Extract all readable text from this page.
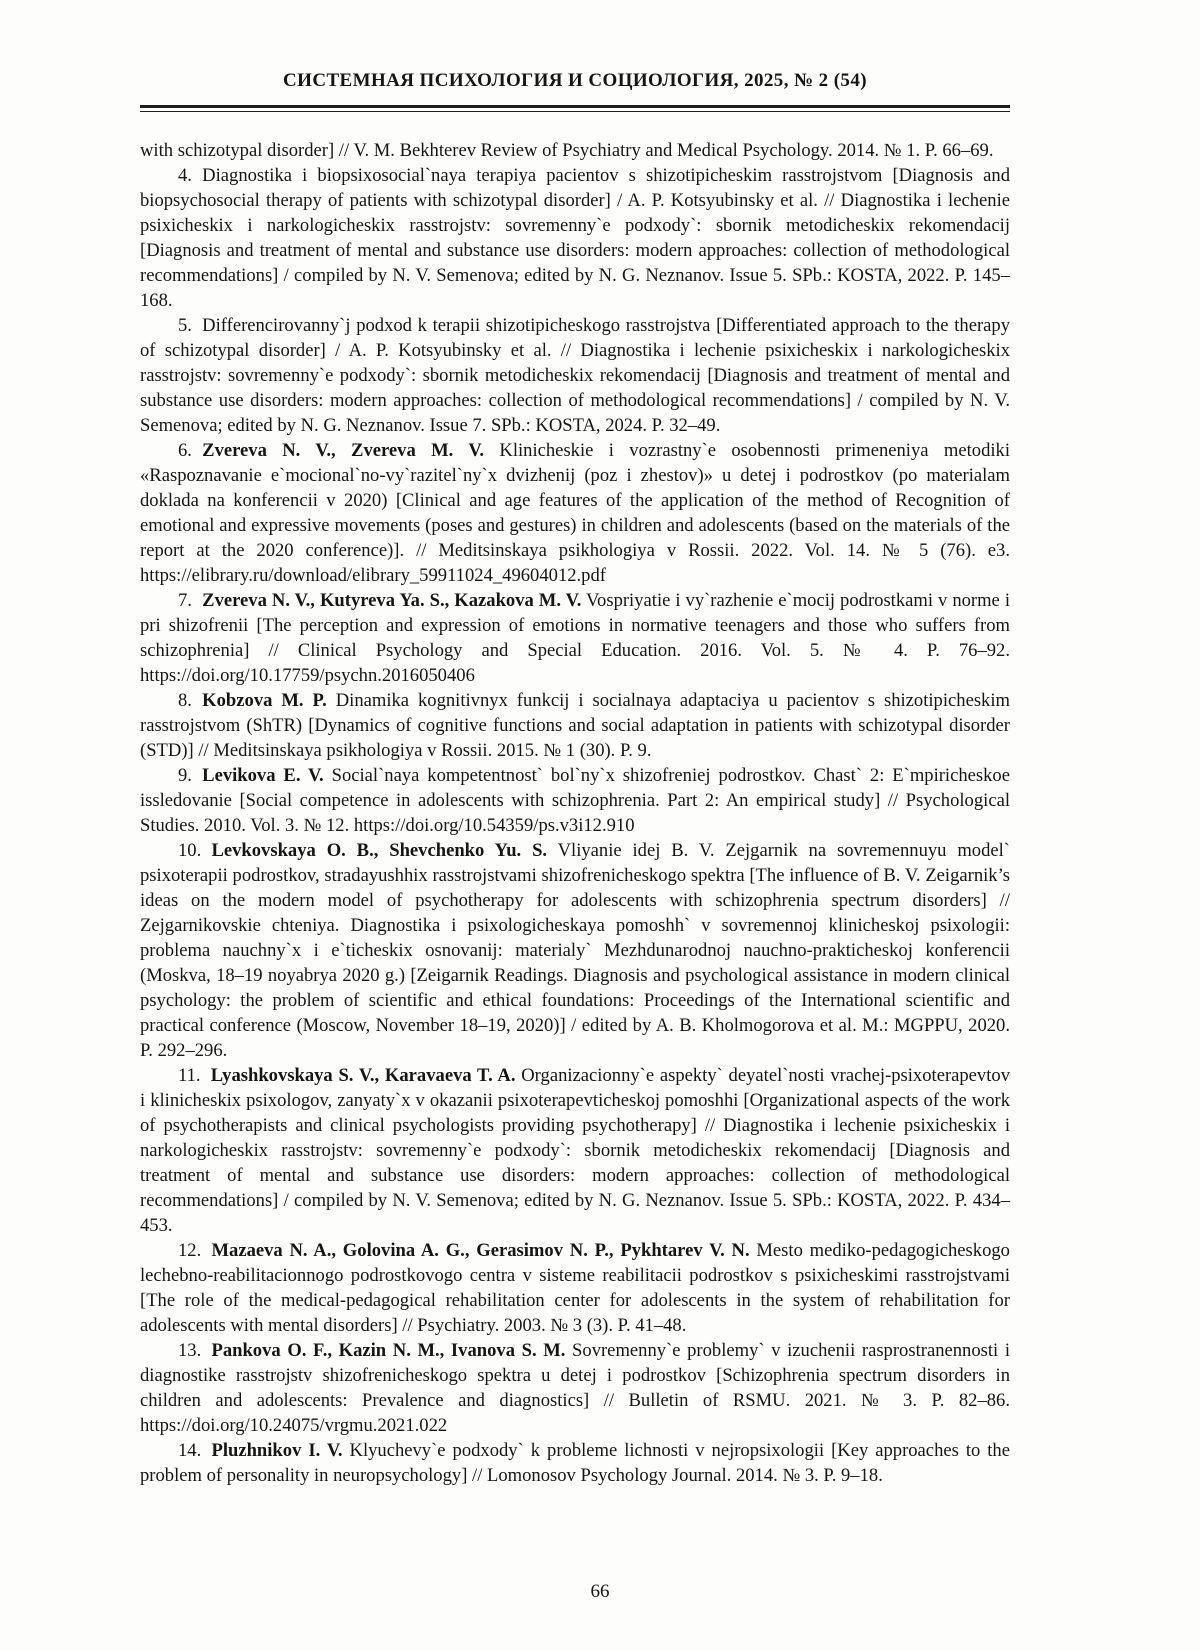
СИСТЕМНАЯ ПСИХОЛОГИЯ И СОЦИОЛОГИЯ, 2025, № 2 (54)

with schizotypal disorder] // V. M. Bekhterev Review of Psychiatry and Medical Psychology. 2014. № 1. P. 66–69.

4. Diagnostika i biopsixosocial`naya terapiya pacientov s shizotipicheskim rasstrojstvom [Diagnosis and biopsychosocial therapy of patients with schizotypal disorder] / A. P. Kotsyubinsky et al. // Diagnostika i lechenie psixicheskix i narkologicheskix rasstrojstv: sovremenny`e podxody`: sbornik metodicheskix rekomendacij [Diagnosis and treatment of mental and substance use disorders: modern approaches: collection of methodological recommendations] / compiled by N. V. Semenova; edited by N. G. Neznanov. Issue 5. SPb.: KOSTA, 2022. P. 145–168.

5. Differencirovanny`j podxod k terapii shizotipicheskogo rasstrojstva [Differentiated approach to the therapy of schizotypal disorder] / A. P. Kotsyubinsky et al. // Diagnostika i lechenie psixicheskix i narkologicheskix rasstrojstv: sovremenny`e podxody`: sbornik metodicheskix rekomendacij [Diagnosis and treatment of mental and substance use disorders: modern approaches: collection of methodological recommendations] / compiled by N. V. Semenova; edited by N. G. Neznanov. Issue 7. SPb.: KOSTA, 2024. P. 32–49.

6. Zvereva N. V., Zvereva M. V. Klinicheskie i vozrastny`e osobennosti primeneniya metodiki «Raspoznavanie e`mocional`no-vy`razitel`ny`x dvizhenij (poz i zhestov)» u detej i podrostkov (po materialam doklada na konferencii v 2020) [Clinical and age features of the application of the method of Recognition of emotional and expressive movements (poses and gestures) in children and adolescents (based on the materials of the report at the 2020 conference)]. // Meditsinskaya psikhologiya v Rossii. 2022. Vol. 14. № 5 (76). e3. https://elibrary.ru/download/elibrary_59911024_49604012.pdf

7. Zvereva N. V., Kutyreva Ya. S., Kazakova M. V. Vospriyatie i vy`razhenie e`mocij podrostkami v norme i pri shizofrenii [The perception and expression of emotions in normative teenagers and those who suffers from schizophrenia] // Clinical Psychology and Special Education. 2016. Vol. 5. № 4. P. 76–92. https://doi.org/10.17759/psychn.2016050406

8. Kobzova M. P. Dinamika kognitivnyx funkcij i socialnaya adaptaciya u pacientov s shizotipicheskim rasstrojstvom (ShTR) [Dynamics of cognitive functions and social adaptation in patients with schizotypal disorder (STD)] // Meditsinskaya psikhologiya v Rossii. 2015. № 1 (30). P. 9.

9. Levikova E. V. Social`naya kompetentnost` bol`ny`x shizofreniej podrostkov. Chast` 2: E`mpiricheskoe issledovanie [Social competence in adolescents with schizophrenia. Part 2: An empirical study] // Psychological Studies. 2010. Vol. 3. № 12. https://doi.org/10.54359/ps.v3i12.910

10. Levkovskaya O. B., Shevchenko Yu. S. Vliyanie idej B. V. Zejgarnik na sovremennuyu model` psixoterapii podrostkov, stradayushhix rasstrojstvami shizofrenicheskogo spektra [The influence of B. V. Zeigarnik’s ideas on the modern model of psychotherapy for adolescents with schizophrenia spectrum disorders] // Zejgarnikovskie chteniya. Diagnostika i psixologicheskaya pomoshh` v sovremennoj klinicheskoj psixologii: problema nauchny`x i e`ticheskix osnovanij: materialy` Mezhdunarodnoj nauchno-prakticheskoj konferencii (Moskva, 18–19 noyabrya 2020 g.) [Zeigarnik Readings. Diagnosis and psychological assistance in modern clinical psychology: the problem of scientific and ethical foundations: Proceedings of the International scientific and practical conference (Moscow, November 18–19, 2020)] / edited by A. B. Kholmogorova et al. M.: MGPPU, 2020. P. 292–296.

11. Lyashkovskaya S. V., Karavaeva T. A. Organizacionny`e aspekty` deyatel`nosti vrachej-psixoterapevtov i klinicheskix psixologov, zanyaty`x v okazanii psixoterapevticheskoj pomoshhi [Organizational aspects of the work of psychotherapists and clinical psychologists providing psychotherapy] // Diagnostika i lechenie psixicheskix i narkologicheskix rasstrojstv: sovremenny`e podxody`: sbornik metodicheskix rekomendacij [Diagnosis and treatment of mental and substance use disorders: modern approaches: collection of methodological recommendations] / compiled by N. V. Semenova; edited by N. G. Neznanov. Issue 5. SPb.: KOSTA, 2022. P. 434–453.

12. Mazaeva N. A., Golovina A. G., Gerasimov N. P., Pykhtarev V. N. Mesto mediko-pedagogicheskogo lechebno-reabilitacionnogo podrostkovogo centra v sisteme reabilitacii podrostkov s psixicheskimi rasstrojstvami [The role of the medical-pedagogical rehabilitation center for adolescents in the system of rehabilitation for adolescents with mental disorders] // Psychiatry. 2003. № 3 (3). P. 41–48.

13. Pankova O. F., Kazin N. M., Ivanova S. M. Sovremenny`e problemy` v izuchenii rasprostranennosti i diagnostike rasstrojstv shizofrenicheskogo spektra u detej i podrostkov [Schizophrenia spectrum disorders in children and adolescents: Prevalence and diagnostics] // Bulletin of RSMU. 2021. № 3. P. 82–86. https://doi.org/10.24075/vrgmu.2021.022

14. Pluzhnikov I. V. Klyuchevy`e podxody` k probleme lichnosti v nejropsixologii [Key approaches to the problem of personality in neuropsychology] // Lomonosov Psychology Journal. 2014. № 3. P. 9–18.

66
